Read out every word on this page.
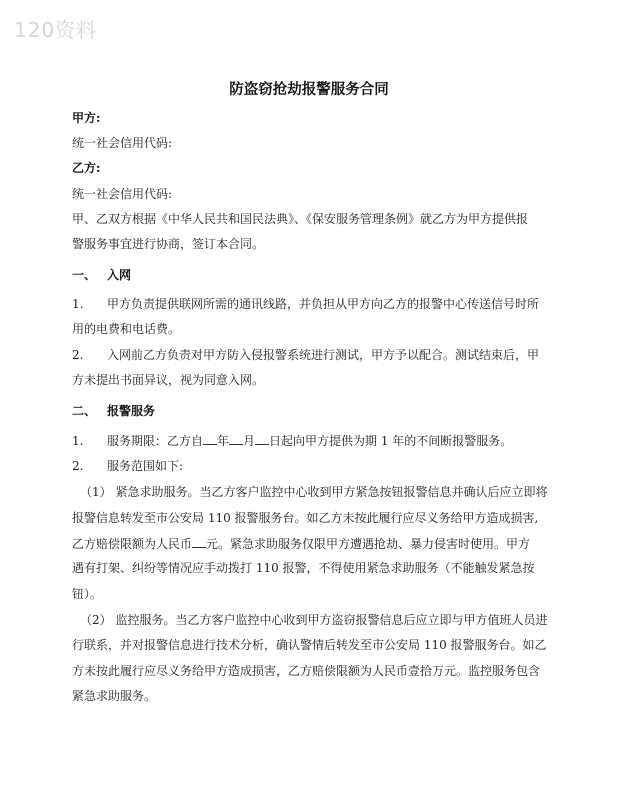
120资料
防盗窃抢劫报警服务合同
甲方:
统一社会信用代码:
乙方:
统一社会信用代码:
甲、乙双方根据《中华人民共和国民法典》、《保安服务管理条例》就乙方为甲方提供报
警服务事宜进行协商，签订本合同。
一、 入网
1. 甲方负责提供联网所需的通讯线路，并负担从甲方向乙方的报警中心传送信号时所
用的电费和电话费。
2. 入网前乙方负责对甲方防入侵报警系统进行测试，甲方予以配合。测试结束后，甲
方未提出书面异议，视为同意入网。
二、 报警服务
1. 服务期限：乙方自 年 月 日起向甲方提供为期 1 年的不间断报警服务。
2. 服务范围如下:
（1） 紧急求助服务。当乙方客户监控中心收到甲方紧急按钮报警信息并确认后应立即将
报警信息转发至市公安局 110 报警服务台。如乙方未按此履行应尽义务给甲方造成损害,
乙方赔偿限额为人民币 元。紧急求助服务仅限甲方遭遇抢劫、暴力侵害时使用。甲方
遇有打架、纠纷等情况应手动拨打 110 报警，不得使用紧急求助服务（不能触发紧急按
钮）。
（2） 监控服务。当乙方客户监控中心收到甲方盗窃报警信息后应立即与甲方值班人员进
行联系，并对报警信息进行技术分析，确认警情后转发至市公安局 110 报警服务台。如乙
方未按此履行应尽义务给甲方造成损害，乙方赔偿限额为人民币壹拾万元。监控服务包含
紧急求助服务。
